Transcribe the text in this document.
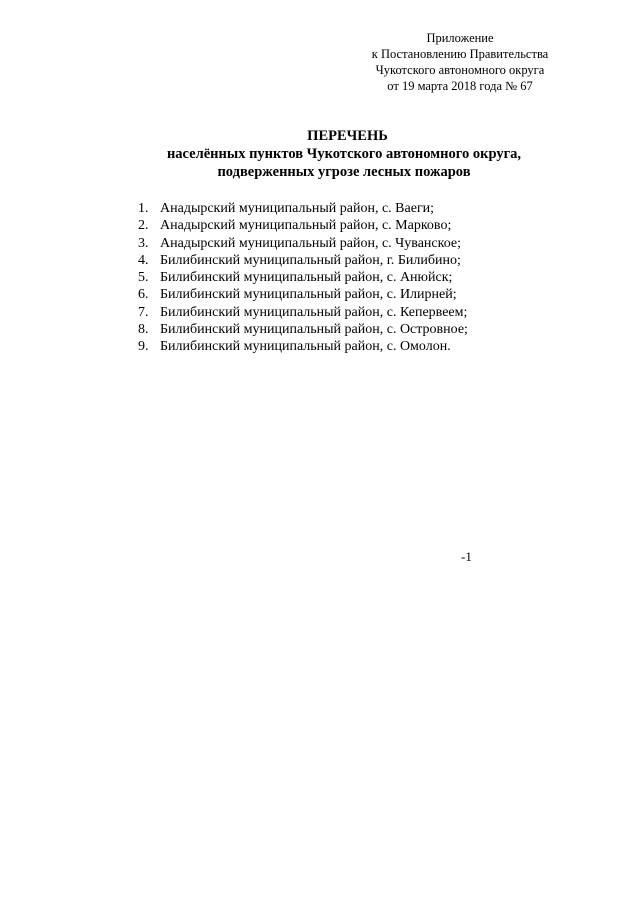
Приложение
к Постановлению Правительства
Чукотского автономного округа
от 19 марта 2018 года № 67
ПЕРЕЧЕНЬ
населённых пунктов Чукотского автономного округа,
подверженных угрозе лесных пожаров
1. Анадырский муниципальный район, с. Ваеги;
2. Анадырский муниципальный район, с. Марково;
3. Анадырский муниципальный район, с. Чуванское;
4. Билибинский муниципальный район, г. Билибино;
5. Билибинский муниципальный район, с. Анюйск;
6. Билибинский муниципальный район, с. Илирней;
7. Билибинский муниципальный район, с. Кепервеем;
8. Билибинский муниципальный район, с. Островное;
9. Билибинский муниципальный район, с. Омолон.
-1
